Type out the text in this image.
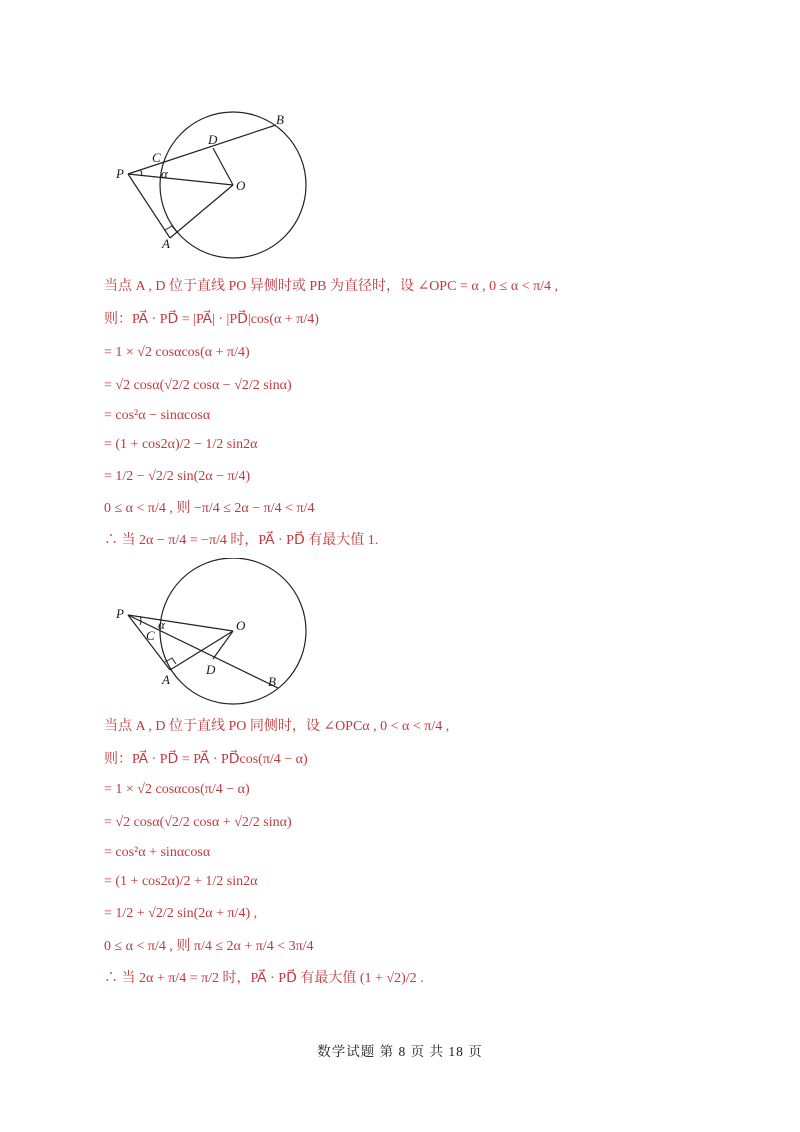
P
C
D
B
O
A
α
当点 A , D 位于直线 PO 异侧时或 PB 为直径时，设 ∠OPC = α , 0 ≤ α < π/4 ,
则：PA⃗ · PD⃗ = |PA⃗| · |PD⃗|cos(α + π/4)
= 1 × √2 cosαcos(α + π/4)
= √2 cosα(√2/2 cosα − √2/2 sinα)
= cos²α − sinαcosα
= (1 + cos2α)/2 − 1/2 sin2α
= 1/2 − √2/2 sin(2α − π/4)
0 ≤ α < π/4 , 则 −π/4 ≤ 2α − π/4 < π/4
∴ 当 2α − π/4 = −π/4 时，PA⃗ · PD⃗ 有最大值 1.
P
C
D
B
O
A
α
当点 A , D 位于直线 PO 同侧时，设 ∠OPCα , 0 < α < π/4 ,
则：PA⃗ · PD⃗ = PA⃗ · PD⃗cos(π/4 − α)
= 1 × √2 cosαcos(π/4 − α)
= √2 cosα(√2/2 cosα + √2/2 sinα)
= cos²α + sinαcosα
= (1 + cos2α)/2 + 1/2 sin2α
= 1/2 + √2/2 sin(2α + π/4) ,
0 ≤ α < π/4 , 则 π/4 ≤ 2α + π/4 < 3π/4
∴ 当 2α + π/4 = π/2 时，PA⃗ · PD⃗ 有最大值 (1 + √2)/2 .
数学试题 第 8 页 共 18 页
